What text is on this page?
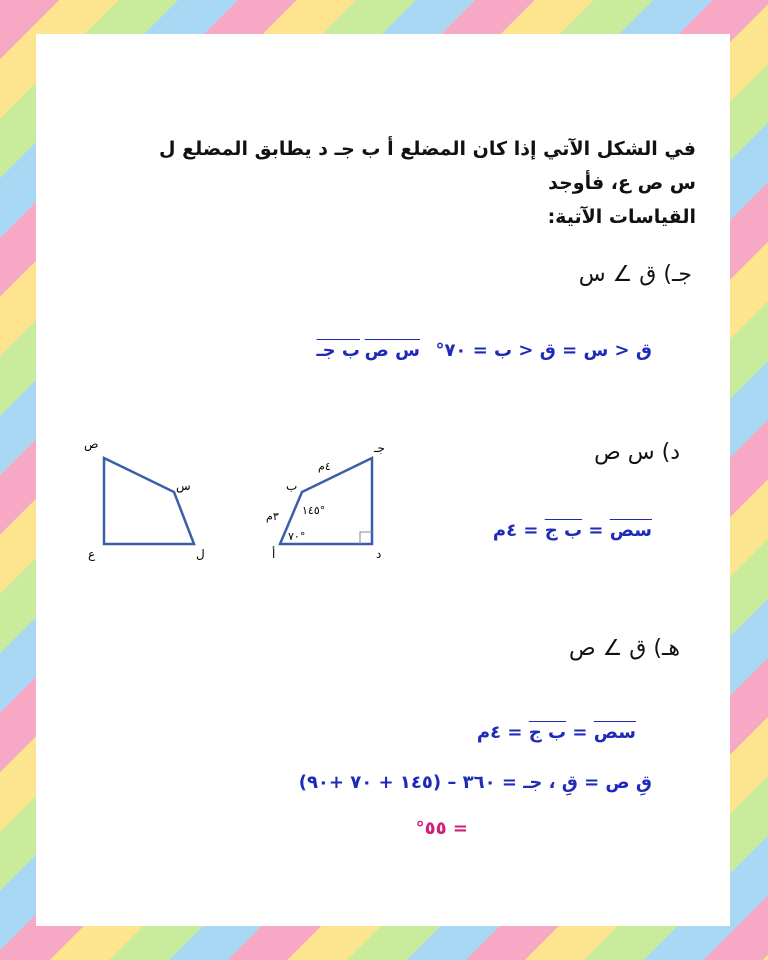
في الشكل الآتي إذا كان المضلع أ ب جـ د يطابق المضلع ل س ص ع، فأوجد
القياسات الآتية:
جـ) ق ∠ س
ق < س = ق < ب = ٧٠°
س ص
ب جـ
د) س ص
سص = ب ج = ٤م
ص
س
ع	ل
جـ
ب
أ	د
٤م
٣م ١٤٥°
٧٠°
هـ) ق ∠ ص
سص = ب ج = ٤م
قِ ص = قِ ، جـ = ٣٦٠ – (١٤٥ + ٧٠ +٩٠)
= ٥٥°
